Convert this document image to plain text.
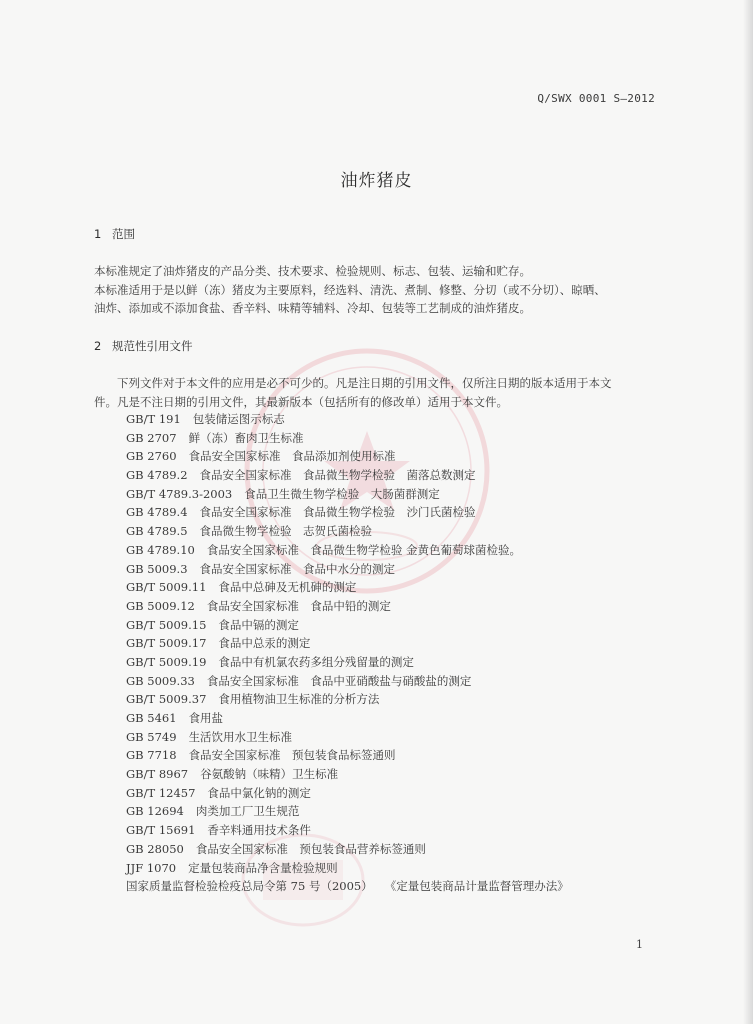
Q/SWX 0001 S—2012
油炸猪皮
1 范围
本标准规定了油炸猪皮的产品分类、技术要求、检验规则、标志、包装、运输和贮存。
本标准适用于是以鲜（冻）猪皮为主要原料，经选料、清洗、煮制、修整、分切（或不分切）、晾晒、
油炸、添加或不添加食盐、香辛料、味精等辅料、冷却、包装等工艺制成的油炸猪皮。
2 规范性引用文件
　　下列文件对于本文件的应用是必不可少的。凡是注日期的引用文件，仅所注日期的版本适用于本文
件。凡是不注日期的引用文件，其最新版本（包括所有的修改单）适用于本文件。
GB/T 191 包装储运图示标志
GB 2707 鲜（冻）畜肉卫生标准
GB 2760 食品安全国家标准　食品添加剂使用标准
GB 4789.2 食品安全国家标准　食品微生物学检验　菌落总数测定
GB/T 4789.3-2003 食品卫生微生物学检验　大肠菌群测定
GB 4789.4 食品安全国家标准　食品微生物学检验　沙门氏菌检验
GB 4789.5 食品微生物学检验　志贺氏菌检验
GB 4789.10 食品安全国家标准　食品微生物学检验 金黄色葡萄球菌检验。
GB 5009.3 食品安全国家标准　食品中水分的测定
GB/T 5009.11 食品中总砷及无机砷的测定
GB 5009.12 食品安全国家标准　食品中铅的测定
GB/T 5009.15 食品中镉的测定
GB/T 5009.17 食品中总汞的测定
GB/T 5009.19 食品中有机氯农药多组分残留量的测定
GB 5009.33 食品安全国家标准　食品中亚硝酸盐与硝酸盐的测定
GB/T 5009.37 食用植物油卫生标准的分析方法
GB 5461 食用盐
GB 5749 生活饮用水卫生标准
GB 7718 食品安全国家标准　预包装食品标签通则
GB/T 8967 谷氨酸钠（味精）卫生标准
GB/T 12457 食品中氯化钠的测定
GB 12694 肉类加工厂卫生规范
GB/T 15691 香辛料通用技术条件
GB 28050 食品安全国家标准　预包装食品营养标签通则
JJF 1070 定量包装商品净含量检验规则
国家质量监督检验检疫总局令第 75 号（2005） 《定量包装商品计量监督管理办法》
1
